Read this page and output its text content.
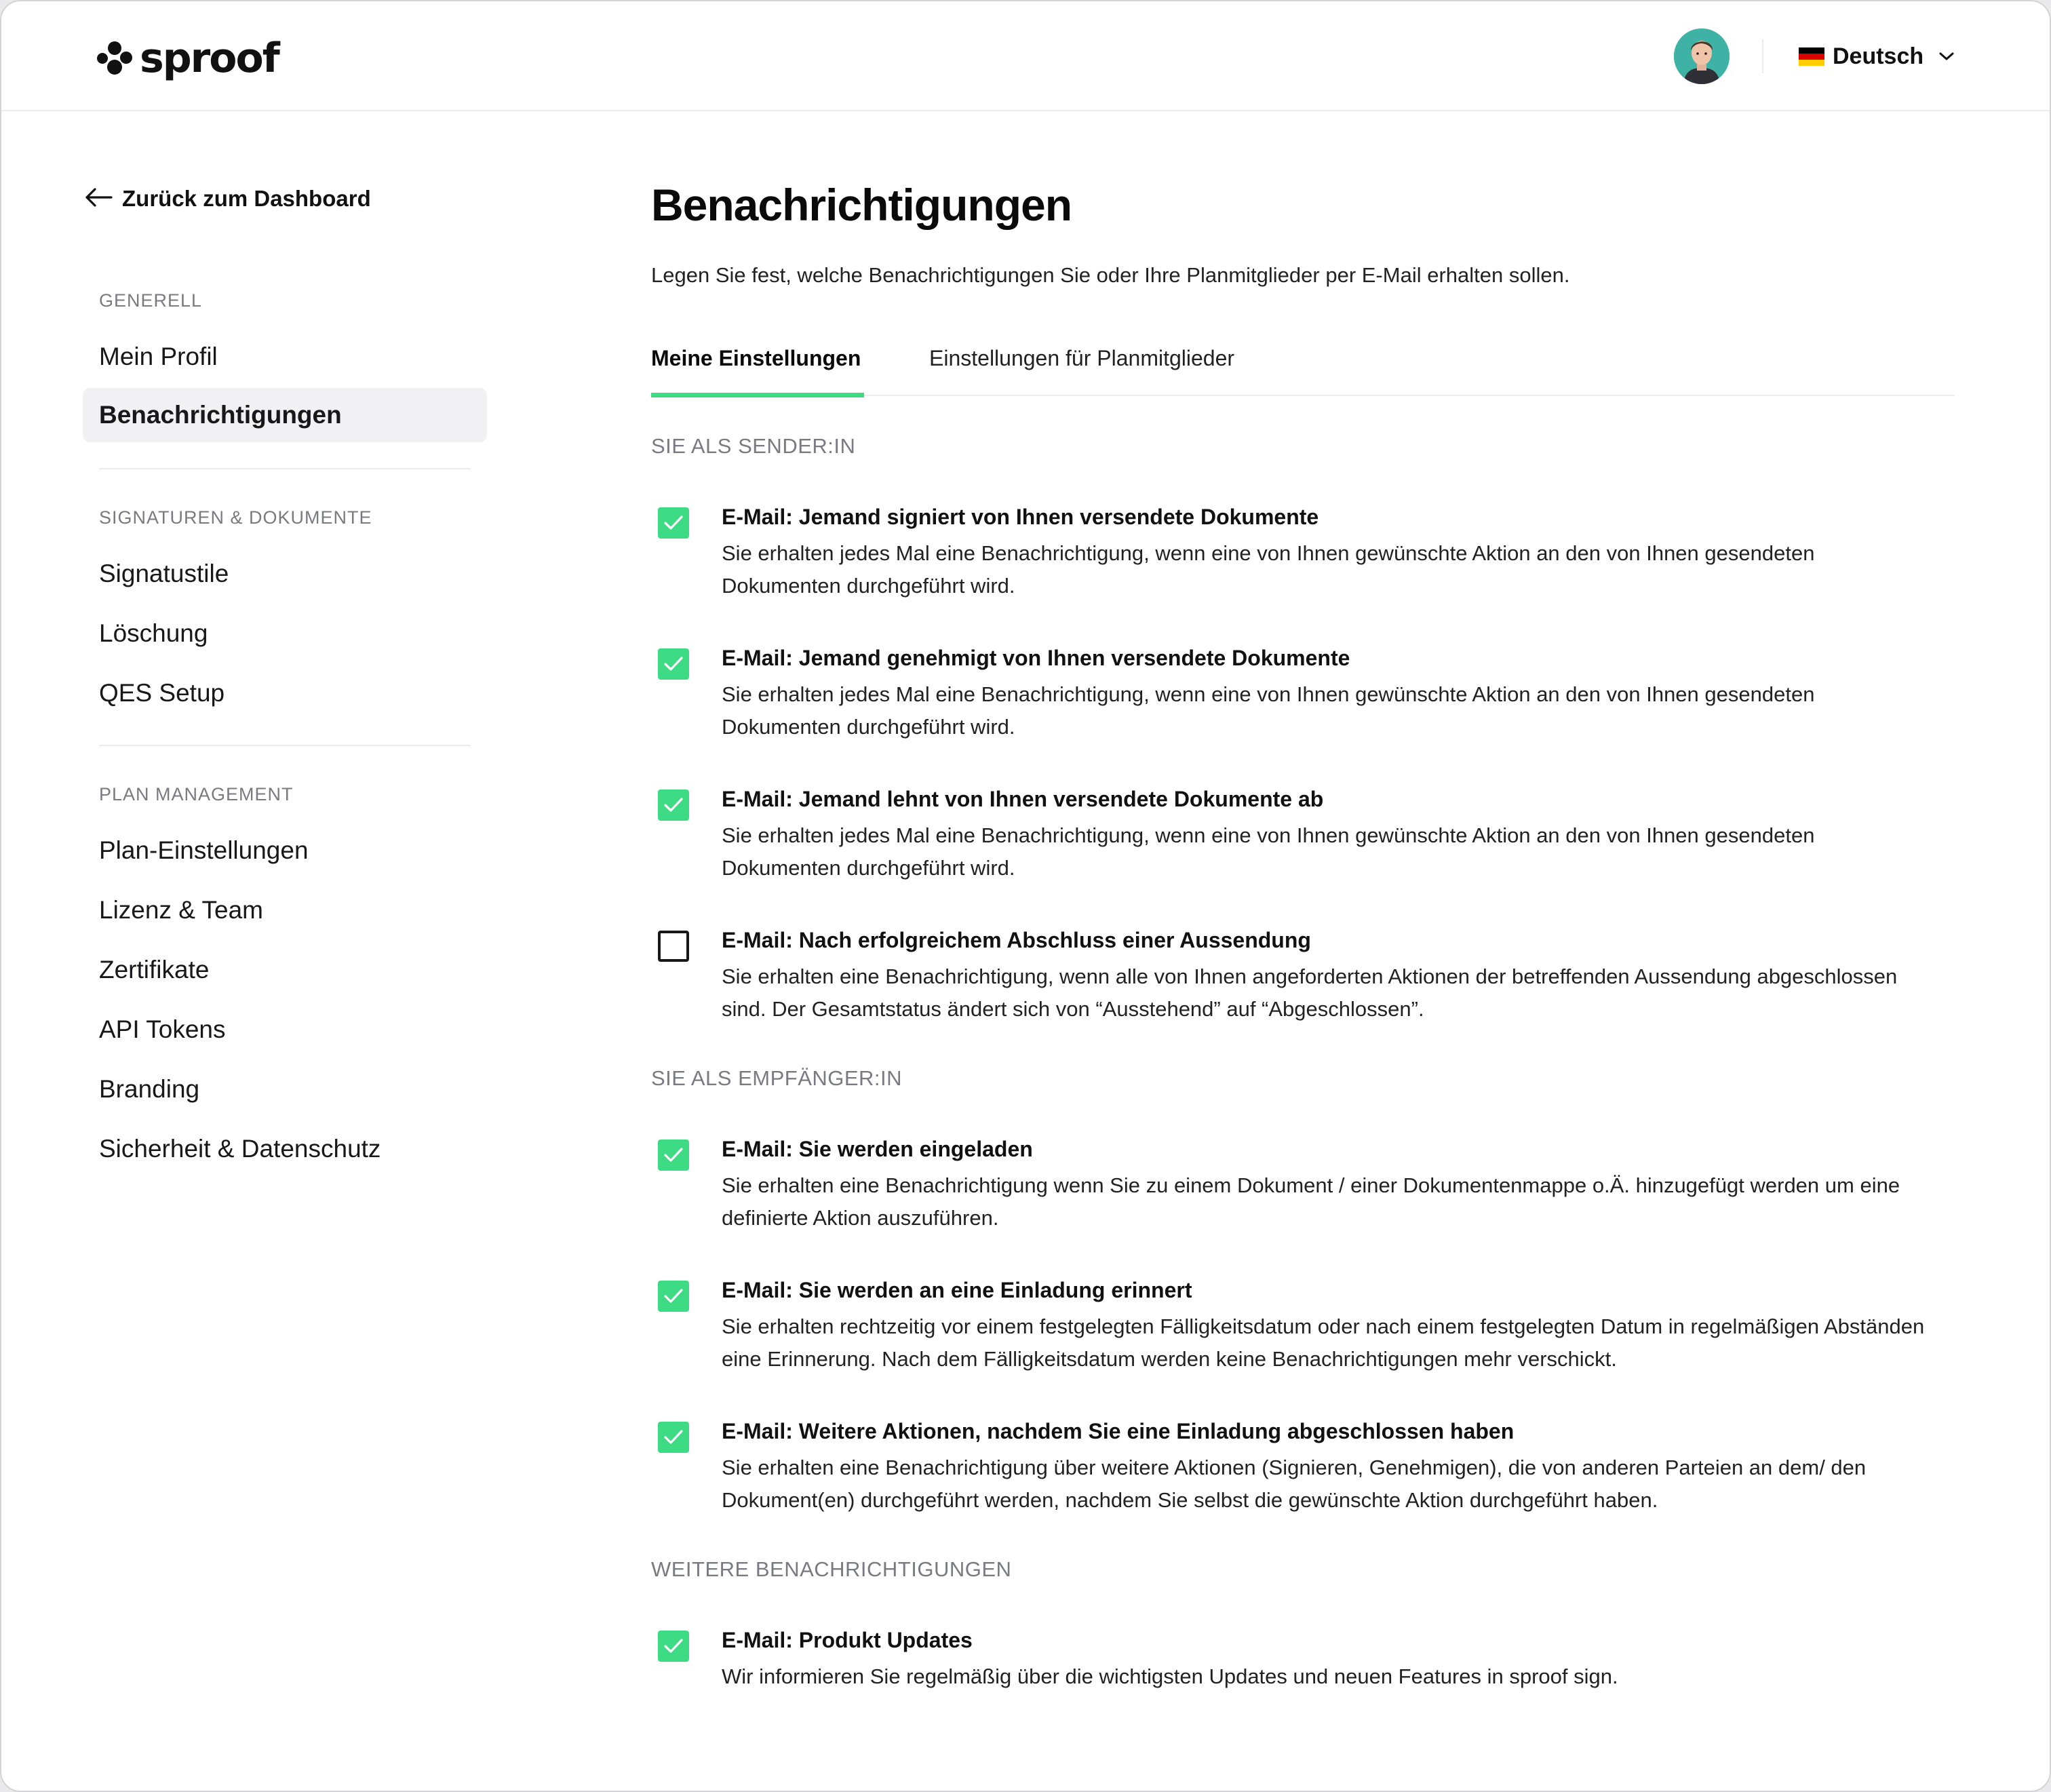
sproof	Deutsch
Zurück zum Dashboard
GENERELL
Mein Profil
Benachrichtigungen
SIGNATUREN & DOKUMENTE
Signatustile
Löschung
QES Setup
PLAN MANAGEMENT
Plan-Einstellungen
Lizenz & Team
Zertifikate
API Tokens
Branding
Sicherheit & Datenschutz
Benachrichtigungen

Legen Sie fest, welche Benachrichtigungen Sie oder Ihre Planmitglieder per E-Mail erhalten sollen.

Meine Einstellungen	Einstellungen für Planmitglieder
SIE ALS SENDER:IN
E-Mail: Jemand signiert von Ihnen versendete Dokumente
Sie erhalten jedes Mal eine Benachrichtigung, wenn eine von Ihnen gewünschte Aktion an den von Ihnen gesendeten Dokumenten durchgeführt wird.
E-Mail: Jemand genehmigt von Ihnen versendete Dokumente
Sie erhalten jedes Mal eine Benachrichtigung, wenn eine von Ihnen gewünschte Aktion an den von Ihnen gesendeten Dokumenten durchgeführt wird.
E-Mail: Jemand lehnt von Ihnen versendete Dokumente ab
Sie erhalten jedes Mal eine Benachrichtigung, wenn eine von Ihnen gewünschte Aktion an den von Ihnen gesendeten Dokumenten durchgeführt wird.
E-Mail: Nach erfolgreichem Abschluss einer Aussendung
Sie erhalten eine Benachrichtigung, wenn alle von Ihnen angeforderten Aktionen der betreffenden Aussendung abgeschlossen sind. Der Gesamtstatus ändert sich von “Ausstehend” auf “Abgeschlossen”.
SIE ALS EMPFÄNGER:IN
E-Mail: Sie werden eingeladen
Sie erhalten eine Benachrichtigung wenn Sie zu einem Dokument / einer Dokumentenmappe o.Ä. hinzugefügt werden um eine definierte Aktion auszuführen.
E-Mail: Sie werden an eine Einladung erinnert
Sie erhalten rechtzeitig vor einem festgelegten Fälligkeitsdatum oder nach einem festgelegten Datum in regelmäßigen Abständen eine Erinnerung. Nach dem Fälligkeitsdatum werden keine Benachrichtigungen mehr verschickt.
E-Mail: Weitere Aktionen, nachdem Sie eine Einladung abgeschlossen haben
Sie erhalten eine Benachrichtigung über weitere Aktionen (Signieren, Genehmigen), die von anderen Parteien an dem/ den Dokument(en) durchgeführt werden, nachdem Sie selbst die gewünschte Aktion durchgeführt haben.
WEITERE BENACHRICHTIGUNGEN
E-Mail: Produkt Updates
Wir informieren Sie regelmäßig über die wichtigsten Updates und neuen Features in sproof sign.
